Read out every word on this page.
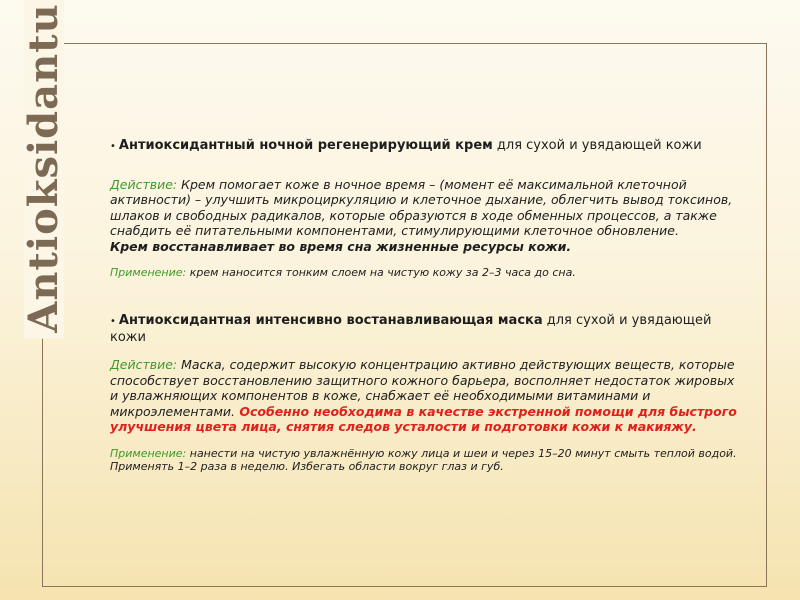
Antioksidantu	• Антиоксидантный ночной регенерирующий крем для сухой и увядающей кожи

Действие: Крем помогает коже в ночное время – (момент её максимальной клеточной активности) – улучшить микроциркуляцию и клеточное дыхание, облегчить вывод токсинов, шлаков и свободных радикалов, которые образуются в ходе обменных процессов, а также снабдить её питательными компонентами, стимулирующими клеточное обновление.

Крем восстанавливает во время сна жизненные ресурсы кожи.

Применение: крем наносится тонким слоем на чистую кожу за 2–3 часа до сна.

• Антиоксидантная интенсивно востанавливающая маска для сухой и увядающей кожи

Действие: Маска, содержит высокую концентрацию активно действующих веществ, которые способствует восстановлению защитного кожного барьера, восполняет недостаток жировых и увлажняющих компонентов в коже, снабжает её необходимыми витаминами и микроэлементами. Особенно необходима в качестве экстренной помощи для быстрого улучшения цвета лица, снятия следов усталости и подготовки кожи к макияжу.

Применение: нанести на чистую увлажнённую кожу лица и шеи и через 15–20 минут смыть теплой водой. Применять 1–2 раза в неделю. Избегать области вокруг глаз и губ.
